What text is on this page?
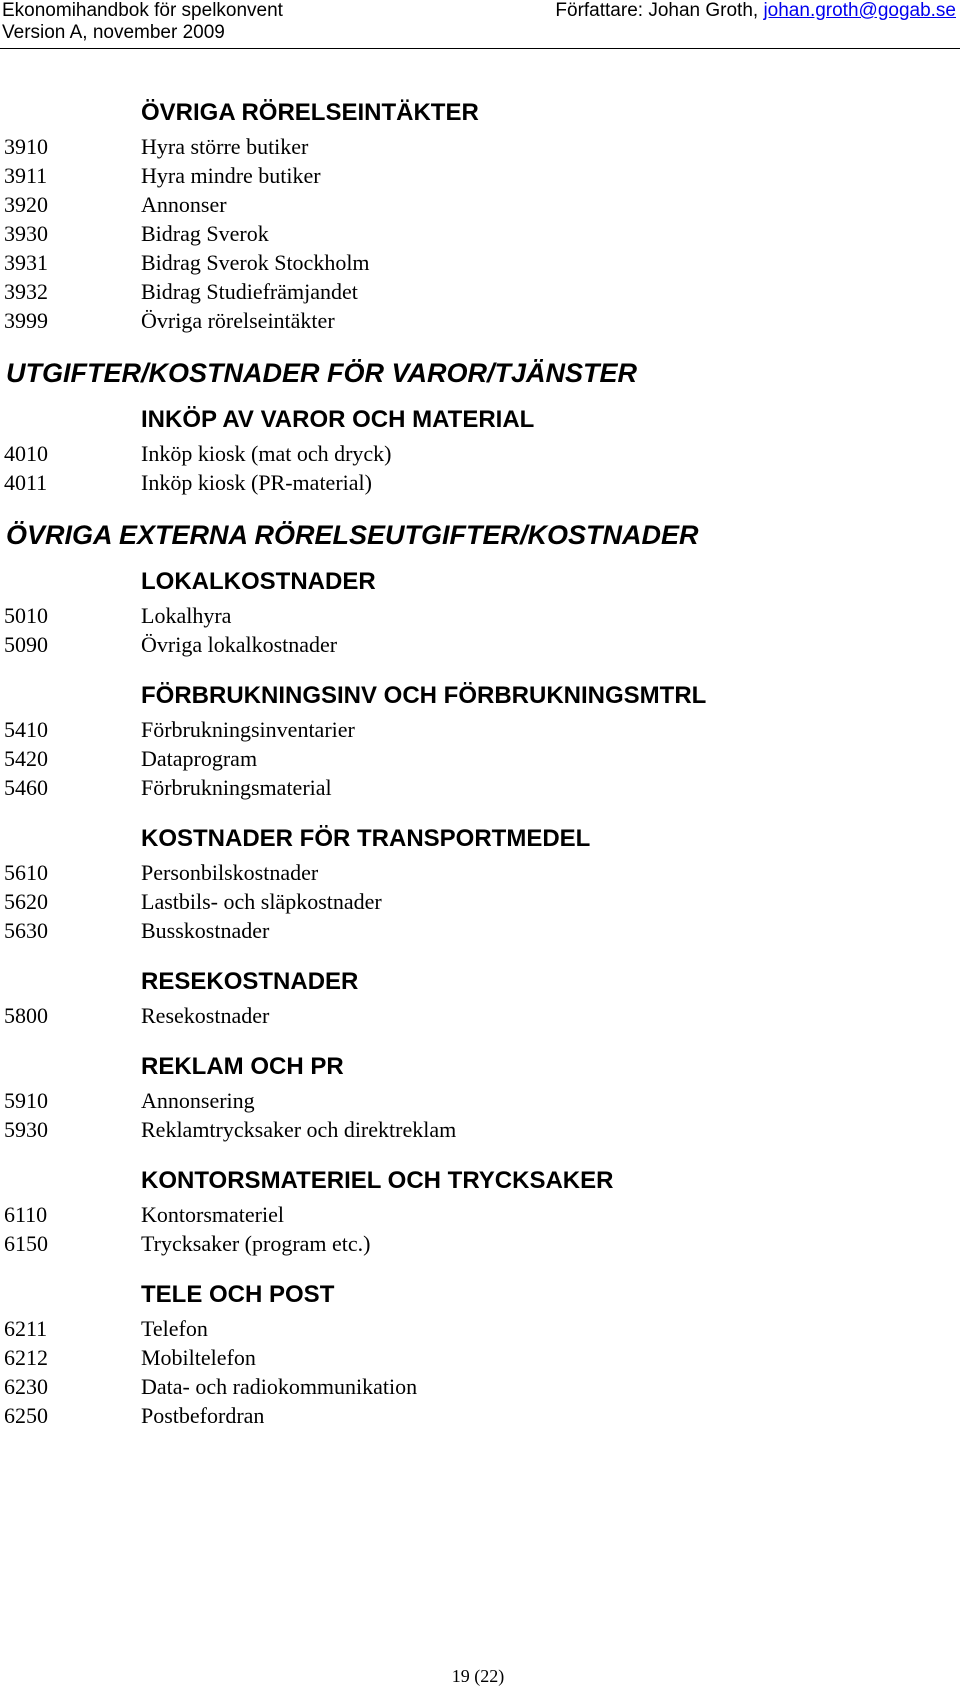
Ekonomihandbok för spelkonvent
Version A, november 2009
Författare: Johan Groth, johan.groth@gogab.se
ÖVRIGA RÖRELSEINTÄKTER
3910	Hyra större butiker
3911	Hyra mindre butiker
3920	Annonser
3930	Bidrag Sverok
3931	Bidrag Sverok Stockholm
3932	Bidrag Studiefrämjandet
3999	Övriga rörelseintäkter
UTGIFTER/KOSTNADER FÖR VAROR/TJÄNSTER
INKÖP AV VAROR OCH MATERIAL
4010	Inköp kiosk (mat och dryck)
4011	Inköp kiosk (PR-material)
ÖVRIGA EXTERNA RÖRELSEUTGIFTER/KOSTNADER
LOKALKOSTNADER
5010	Lokalhyra
5090	Övriga lokalkostnader
FÖRBRUKNINGSINV OCH FÖRBRUKNINGSMTRL
5410	Förbrukningsinventarier
5420	Dataprogram
5460	Förbrukningsmaterial
KOSTNADER FÖR TRANSPORTMEDEL
5610	Personbilskostnader
5620	Lastbils- och släpkostnader
5630	Busskostnader
RESEKOSTNADER
5800	Resekostnader
REKLAM OCH PR
5910	Annonsering
5930	Reklamtrycksaker och direktreklam
KONTORSMATERIEL OCH TRYCKSAKER
6110	Kontorsmateriel
6150	Trycksaker (program etc.)
TELE OCH POST
6211	Telefon
6212	Mobiltelefon
6230	Data- och radiokommunikation
6250	Postbefordran
19 (22)
